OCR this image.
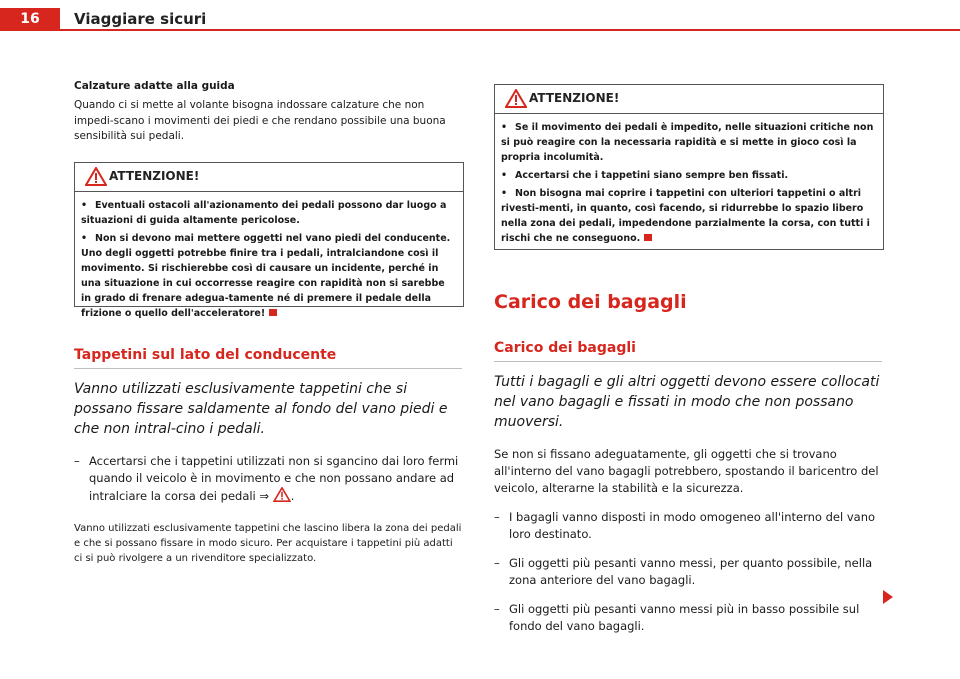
16	Viaggiare sicuri
Calzature adatte alla guida

Quando ci si mette al volante bisogna indossare calzature che non impedi-scano i movimenti dei piedi e che rendano possibile una buona sensibilità sui pedali.

ATTENZIONE!

• Eventuali ostacoli all'azionamento dei pedali possono dar luogo a situazioni di guida altamente pericolose.

• Non si devono mai mettere oggetti nel vano piedi del conducente. Uno degli oggetti potrebbe finire tra i pedali, intralciandone così il movimento. Si rischierebbe così di causare un incidente, perché in una situazione in cui occorresse reagire con rapidità non si sarebbe in grado di frenare adegua-tamente né di premere il pedale della frizione o quello dell'acceleratore!

Tappetini sul lato del conducente

Vanno utilizzati esclusivamente tappetini che si possano fissare saldamente al fondo del vano piedi e che non intral-cino i pedali.

– Accertarsi che i tappetini utilizzati non si sgancino dai loro fermi quando il veicolo è in movimento e che non possano andare ad intralciare la corsa dei pedali ⇒ .

Vanno utilizzati esclusivamente tappetini che lascino libera la zona dei pedali e che si possano fissare in modo sicuro. Per acquistare i tappetini più adatti ci si può rivolgere a un rivenditore specializzato.

ATTENZIONE!

• Se il movimento dei pedali è impedito, nelle situazioni critiche non si può reagire con la necessaria rapidità e si mette in gioco così la propria incolumità.

• Accertarsi che i tappetini siano sempre ben fissati.

• Non bisogna mai coprire i tappetini con ulteriori tappetini o altri rivesti-menti, in quanto, così facendo, si ridurrebbe lo spazio libero nella zona dei pedali, impedendone parzialmente la corsa, con tutti i rischi che ne conseguono.

Carico dei bagagli
Carico dei bagagli

Tutti i bagagli e gli altri oggetti devono essere collocati nel vano bagagli e fissati in modo che non possano muoversi.

Se non si fissano adeguatamente, gli oggetti che si trovano all'interno del vano bagagli potrebbero, spostando il baricentro del veicolo, alterarne la stabilità e la sicurezza.

– I bagagli vanno disposti in modo omogeneo all'interno del vano loro destinato.
– Gli oggetti più pesanti vanno messi, per quanto possibile, nella zona anteriore del vano bagagli.
– Gli oggetti più pesanti vanno messi più in basso possibile sul fondo del vano bagagli.
